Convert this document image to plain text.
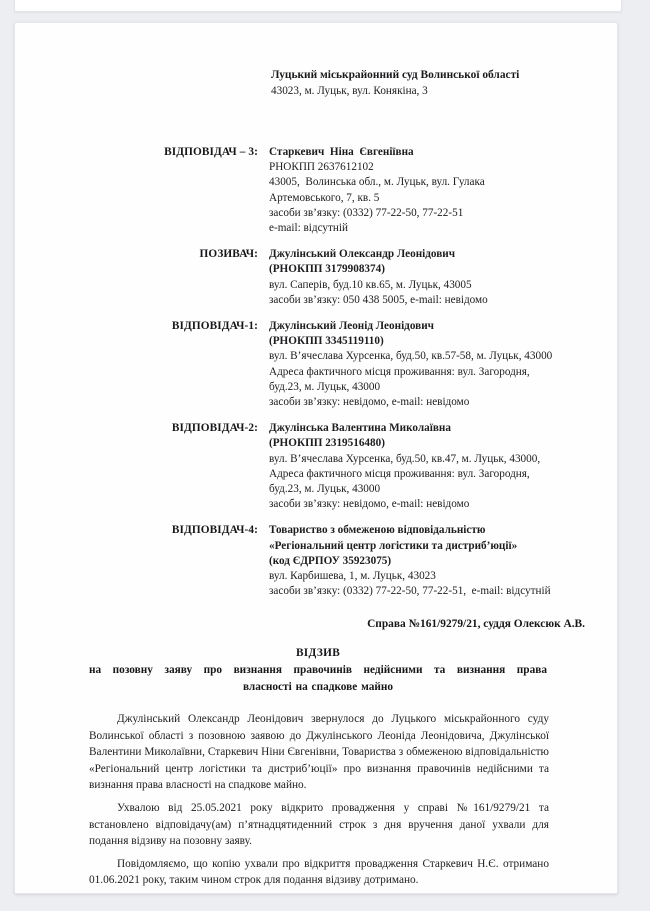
Луцький міськрайонний суд Волинської області
43023, м. Луцьк, вул. Конякіна, 3
ВІДПОВІДАЧ – 3: Старкевич  Ніна  Євгеніївна
РНОКПП 2637612102
43005,  Волинська обл., м. Луцьк, вул. Гулака
Артемовського, 7, кв. 5
засоби зв’язку: (0332) 77-22-50, 77-22-51
e-mail: відсутній
ПОЗИВАЧ: Джулінський Олександр Леонідович
(РНОКПП 3179908374)
вул. Саперів, буд.10 кв.65, м. Луцьк, 43005
засоби зв’язку: 050 438 5005, e-mail: невідомо
ВІДПОВІДАЧ-1: Джулінський Леонід Леонідович
(РНОКПП 3345119110)
вул. В’ячеслава Хурсенка, буд.50, кв.57-58, м. Луцьк, 43000
Адреса фактичного місця проживання: вул. Загородня,
буд.23, м. Луцьк, 43000
засоби зв’язку: невідомо, e-mail: невідомо
ВІДПОВІДАЧ-2: Джулінська Валентина Миколаївна
(РНОКПП 2319516480)
вул. В’ячеслава Хурсенка, буд.50, кв.47, м. Луцьк, 43000,
Адреса фактичного місця проживання: вул. Загородня,
буд.23, м. Луцьк, 43000
засоби зв’язку: невідомо, e-mail: невідомо
ВІДПОВІДАЧ-4: Товариство з обмеженою відповідальністю
«Регіональний центр логістики та дистриб’юції»
(код ЄДРПОУ 35923075)
вул. Карбишева, 1, м. Луцьк, 43023
засоби зв’язку: (0332) 77-22-50, 77-22-51,  e-mail: відсутній
Справа №161/9279/21, суддя Олексюк А.В.
ВІДЗИВ
на позовну заяву про визнання правочинів недійсними та визнання права
власності на спадкове майно

Джулінський Олександр Леонідович звернулося до Луцького міськрайонного суду Волинської області з позовною заявою до Джулінського Леоніда Леонідовича, Джулінської Валентини Миколаївни, Старкевич Ніни Євгенівни, Товариства з обмеженою відповідальністю «Регіональний центр логістики та дистриб’юції» про визнання правочинів недійсними та визнання права власності на спадкове майно.

Ухвалою від 25.05.2021 року відкрито провадження у справі №161/9279/21 та встановлено відповідачу(ам) п’ятнадцятиденний строк з дня вручення даної ухвали для подання відзиву на позовну заяву.

Повідомляємо, що копію ухвали про відкриття провадження Старкевич Н.Є. отримано 01.06.2021 року, таким чином строк для подання відзиву дотримано.
